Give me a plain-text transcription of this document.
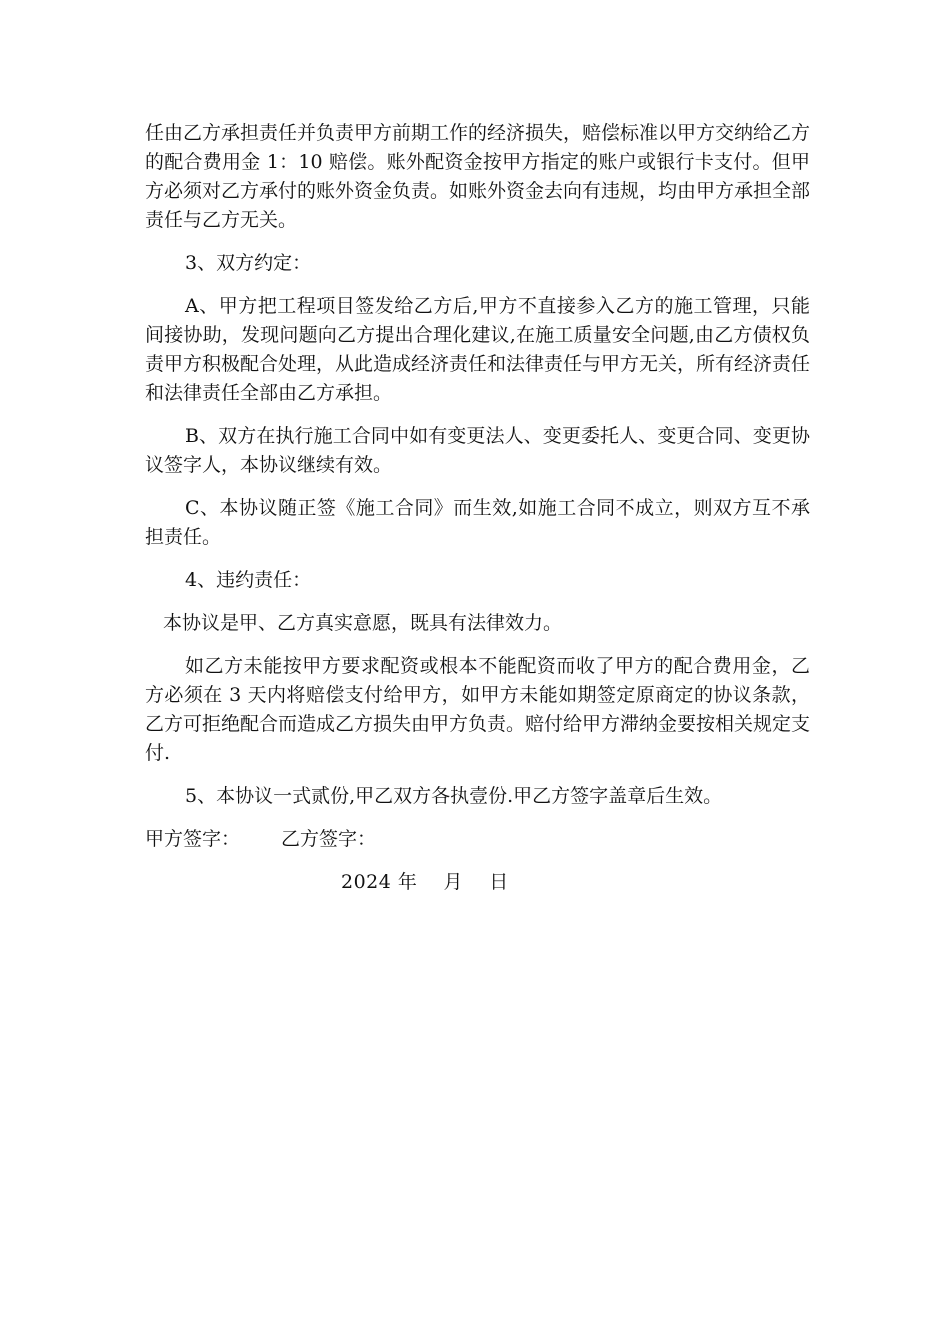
任由乙方承担责任并负责甲方前期工作的经济损失，赔偿标准以甲方交纳给乙方的配合费用金 1：10 赔偿。账外配资金按甲方指定的账户或银行卡支付。但甲方必须对乙方承付的账外资金负责。如账外资金去向有违规，均由甲方承担全部责任与乙方无关。

3、双方约定：

A、甲方把工程项目签发给乙方后,甲方不直接参入乙方的施工管理，只能间接协助，发现问题向乙方提出合理化建议,在施工质量安全问题,由乙方债权负责甲方积极配合处理，从此造成经济责任和法律责任与甲方无关，所有经济责任和法律责任全部由乙方承担。

B、双方在执行施工合同中如有变更法人、变更委托人、变更合同、变更协议签字人，本协议继续有效。

C、本协议随正签《施工合同》而生效,如施工合同不成立，则双方互不承担责任。

4、违约责任：

本协议是甲、乙方真实意愿，既具有法律效力。

如乙方未能按甲方要求配资或根本不能配资而收了甲方的配合费用金，乙方必须在 3 天内将赔偿支付给甲方，如甲方未能如期签定原商定的协议条款，乙方可拒绝配合而造成乙方损失由甲方负责。赔付给甲方滞纳金要按相关规定支付.

5、本协议一式贰份,甲乙双方各执壹份.甲乙方签字盖章后生效。

甲方签字：	乙方签字：
2024 年    月    日
